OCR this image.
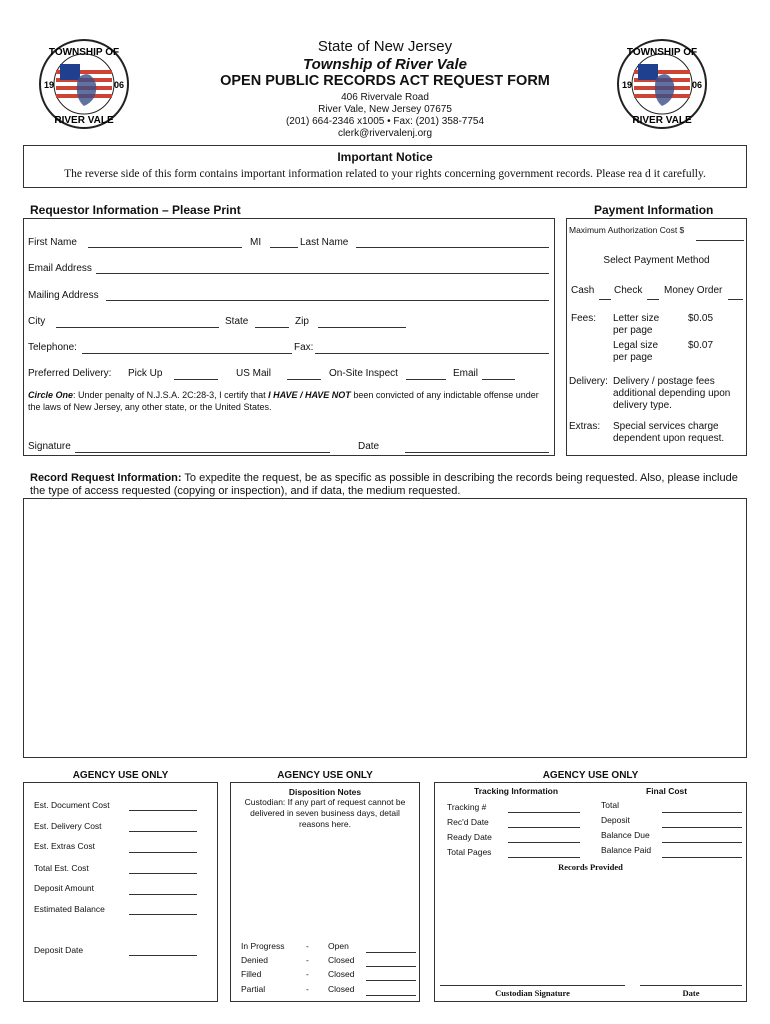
TOWNSHIP OF
RIVER VALE
19	06
TOWNSHIP OF
RIVER VALE
19	06
State of New Jersey
Township of River Vale
OPEN PUBLIC RECORDS ACT REQUEST FORM
406 Rivervale Road
River Vale, New Jersey 07675
(201) 664-2346 x1005 • Fax: (201) 358-7754
clerk@rivervalenj.org
Important Notice
The reverse side of this form contains important information related to your rights concerning government records. Please rea d it carefully.
Requestor Information – Please Print
First Name	MI	Last Name
Email Address
Mailing Address
City	State	Zip
Telephone:	Fax:
Preferred Delivery: Pick Up	US Mail	On-Site Inspect	Email
Circle One: Under penalty of N.J.S.A. 2C:28-3, I certify that I HAVE / HAVE NOT been convicted of any indictable offense under the laws of New Jersey, any other state, or the United States.
Signature	Date
Payment Information
Maximum Authorization Cost $
Select Payment Method
Cash Check Money Order
Fees: Letter size
per page
$0.05
Legal size
per page
$0.07
Delivery: Delivery / postage fees additional depending upon delivery type.
Extras: Special services charge dependent upon request.
Record Request Information: To expedite the request, be as specific as possible in describing the records being requested. Also, please include the type of access requested (copying or inspection), and if data, the medium requested.
AGENCY USE ONLY
Est. Document Cost
Est. Delivery Cost
Est. Extras Cost
Total Est. Cost
Deposit Amount
Estimated Balance
Deposit Date
AGENCY USE ONLY
Disposition Notes
Custodian: If any part of request cannot be delivered in seven business days, detail reasons here.
In Progress	- Open
Denied	- Closed
Filled	- Closed
Partial	- Closed
AGENCY USE ONLY
Tracking Information	Final Cost
Tracking #
Rec'd Date
Ready Date
Total Pages
Total
Deposit
Balance Due
Balance Paid
Records Provided
Custodian Signature	Date
